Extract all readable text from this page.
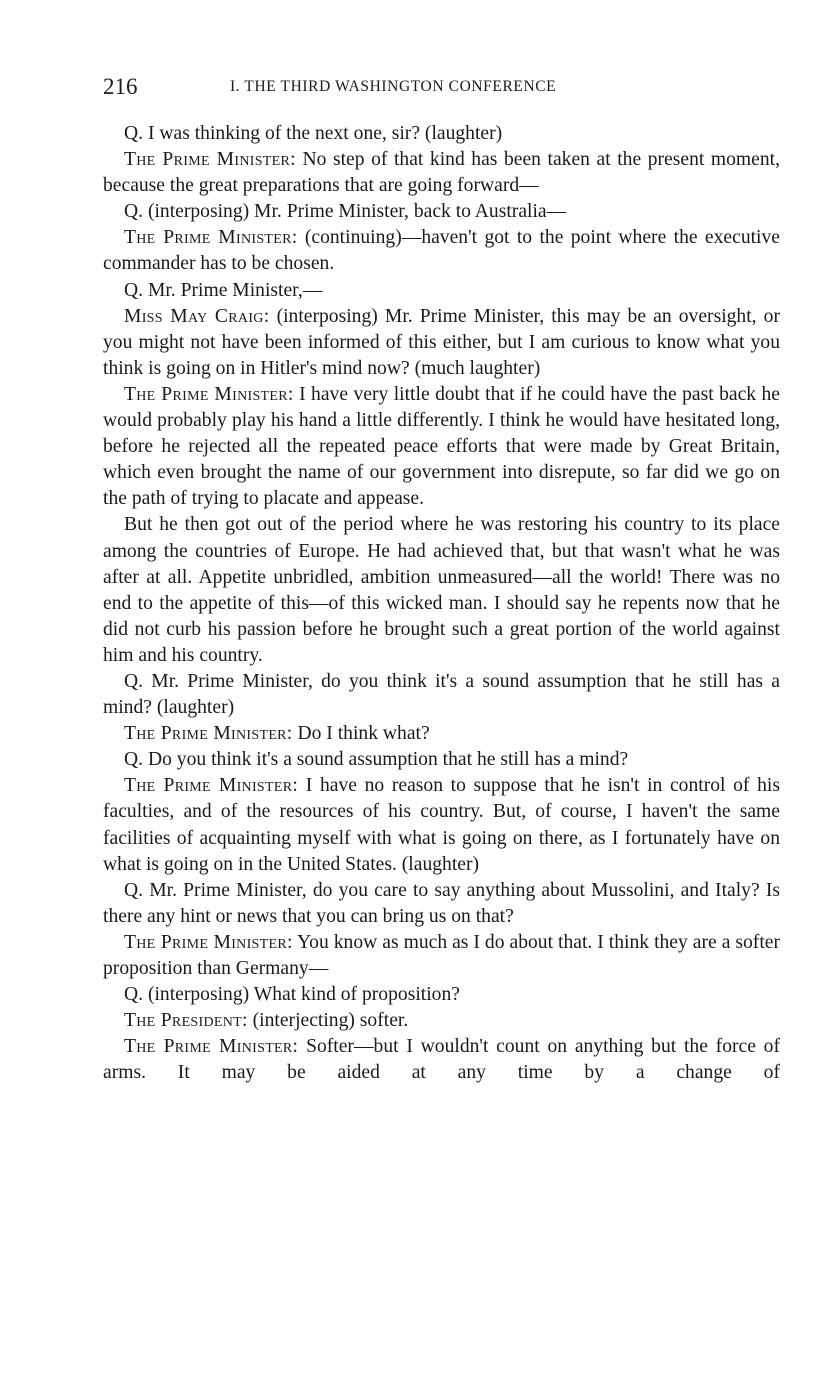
216	I. THE THIRD WASHINGTON CONFERENCE

Q. I was thinking of the next one, sir? (laughter)

The Prime Minister: No step of that kind has been taken at the present moment, because the great preparations that are going forward—

Q. (interposing) Mr. Prime Minister, back to Australia—

The Prime Minister: (continuing)—haven't got to the point where the executive commander has to be chosen.

Q. Mr. Prime Minister,—

Miss May Craig: (interposing) Mr. Prime Minister, this may be an oversight, or you might not have been informed of this either, but I am curious to know what you think is going on in Hitler's mind now? (much laughter)

The Prime Minister: I have very little doubt that if he could have the past back he would probably play his hand a little differently. I think he would have hesitated long, before he rejected all the repeated peace efforts that were made by Great Britain, which even brought the name of our government into disrepute, so far did we go on the path of trying to placate and appease.

But he then got out of the period where he was restoring his country to its place among the countries of Europe. He had achieved that, but that wasn't what he was after at all. Appetite unbridled, ambition unmeasured—all the world! There was no end to the appetite of this—of this wicked man. I should say he repents now that he did not curb his passion before he brought such a great portion of the world against him and his country.

Q. Mr. Prime Minister, do you think it's a sound assumption that he still has a mind? (laughter)

The Prime Minister: Do I think what?

Q. Do you think it's a sound assumption that he still has a mind?

The Prime Minister: I have no reason to suppose that he isn't in control of his faculties, and of the resources of his country. But, of course, I haven't the same facilities of acquainting myself with what is going on there, as I fortunately have on what is going on in the United States. (laughter)

Q. Mr. Prime Minister, do you care to say anything about Mussolini, and Italy? Is there any hint or news that you can bring us on that?

The Prime Minister: You know as much as I do about that. I think they are a softer proposition than Germany—

Q. (interposing) What kind of proposition?

The President: (interjecting) softer.

The Prime Minister: Softer—but I wouldn't count on anything but the force of arms. It may be aided at any time by a change of
